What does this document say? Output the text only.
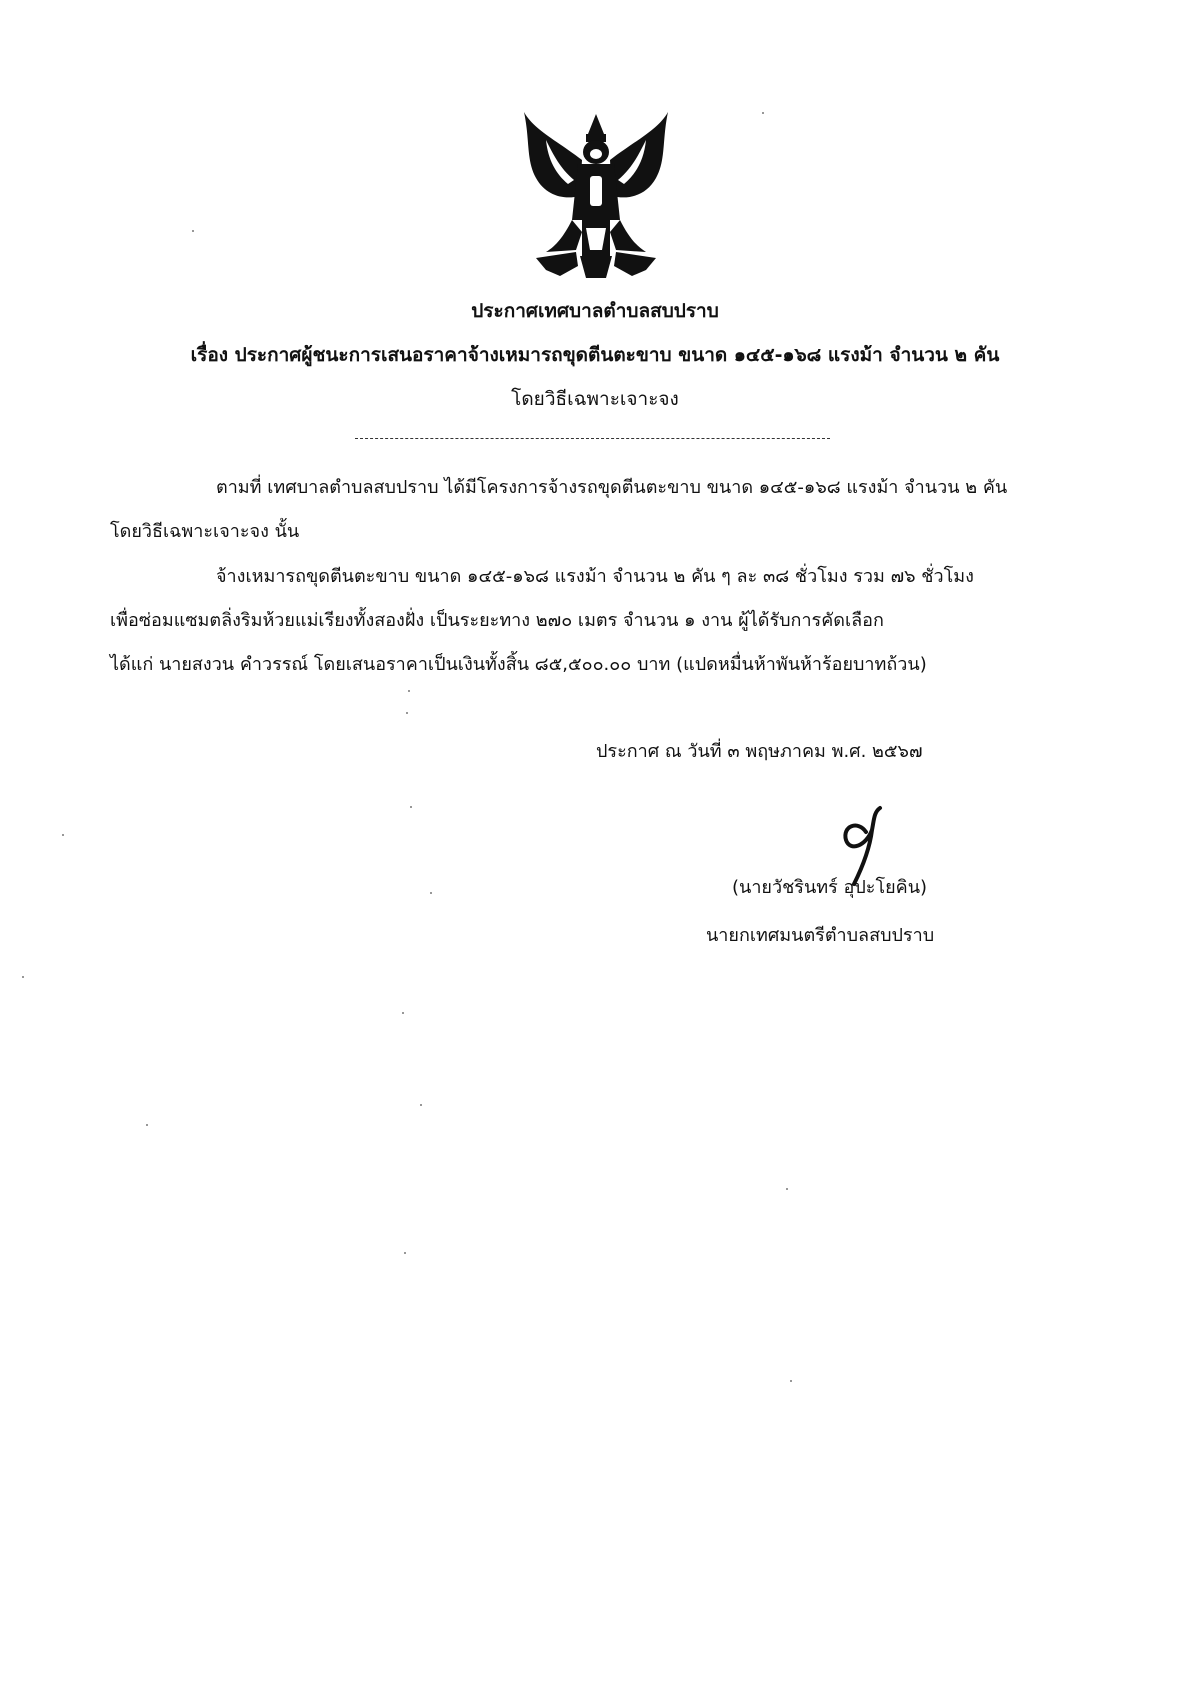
ประกาศเทศบาลตำบลสบปราบ
เรื่อง ประกาศผู้ชนะการเสนอราคาจ้างเหมารถขุดตีนตะขาบ ขนาด ๑๔๕-๑๖๘ แรงม้า จำนวน ๒ คัน
โดยวิธีเฉพาะเจาะจง
ตามที่ เทศบาลตำบลสบปราบ ได้มีโครงการจ้างรถขุดตีนตะขาบ ขนาด ๑๔๕-๑๖๘ แรงม้า จำนวน ๒ คัน
โดยวิธีเฉพาะเจาะจง นั้น
จ้างเหมารถขุดตีนตะขาบ ขนาด ๑๔๕-๑๖๘ แรงม้า จำนวน ๒ คัน ๆ ละ ๓๘ ชั่วโมง รวม ๗๖ ชั่วโมง
เพื่อซ่อมแซมตลิ่งริมห้วยแม่เรียงทั้งสองฝั่ง เป็นระยะทาง ๒๗๐ เมตร จำนวน ๑ งาน ผู้ได้รับการคัดเลือก
ได้แก่ นายสงวน คำวรรณ์ โดยเสนอราคาเป็นเงินทั้งสิ้น ๘๕,๕๐๐.๐๐ บาท (แปดหมื่นห้าพันห้าร้อยบาทถ้วน)
ประกาศ ณ วันที่ ๓ พฤษภาคม พ.ศ. ๒๕๖๗
(นายวัชรินทร์ อุปะโยคิน)
นายกเทศมนตรีตำบลสบปราบ
